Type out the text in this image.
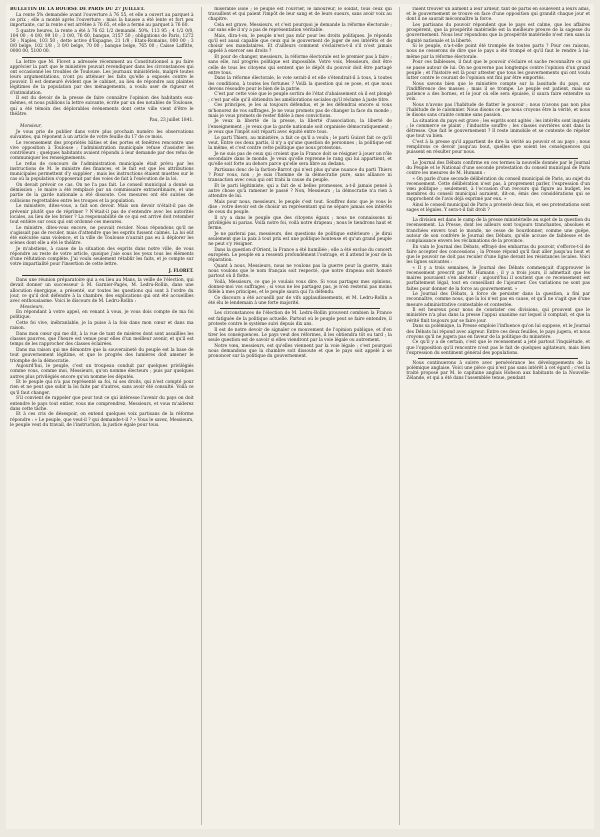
BULLETIN DE LA BOURSE DE PARIS DU 27 JUILLET.

La rente 5% demandée avant l'ouverture à 76 55, et elle a ouvert au parquet à ce prix ; elle a monté après l'ouverture : mais la hausse a été lente et fort peu importante, car la rente s'est arrêtée à 76 65, et elle a fermé au parquet à 76 60.

5 quatre heures, la rente a été à 76 62 1/2 demandé. 50%, 113 95 ; 4 1/2 0/0, 104 00 ; 4 0/0, 99 10 ; 3 0/0, 76 60, banque, 3157 50 ; obligations de Paris, 1272 50 ; Naples, 103 50 ; dette active d'Espagne, 21 1/8 ; Etats-Romains, 000 00 ; 3 0/0 belge, 102 1/8 ; 3 0/0 belge, 70 00 ; banque belge, 765 00 ; Caisse Laffitte, 0000 00, 5100 00.

La lettre que M. Flovet a adressée récemment au Constitutionnel a pu faire apprécier la part que le ministère pouvait revendiquer dans les circonstances qui ont occasionné les troubles de Toulouse. Les journaux ministériels, malgré toutes leurs argumentations, n'ont pu atténuer les faits qu'elle a exposés contre le pouvoir. Il est demeuré évident que le cabinet, au lieu de répondre aux plaintes légitimes de la population par des ménagements, a voulu user de rigueur et d'intimidation.

Il est du devoir de la presse de faire connaître l'opinion des habitants eux-mêmes, et nous publions la lettre suivante, écrite par un des notables de Toulouse, qui a été témoin des déplorables événements dont cette ville vient d'être le théâtre.

Pau, 23 juillet 1841.

Monsieur,

Je vous prie de publier dans votre plus prochain numéro les observations suivantes, qui réponent à un article de votre feuille du 17 de ce mois.

Le recensement des propriétés bâties et des portes et fenêtres rencontre une vive opposition à Toulouse ; l'administration municipale refuse d'assister les contrôleurs ; quelques habitants avaient répondu à leur demande par des refus de communiquer les renseignements.

Le refus de concours de l'administration municipale était prévu par les instructions de M. le ministre des finances, et le fait est que les attributions municipales permettent d'y suppléer ; mais les instructions étaient muettes sur le cas où la population s'opposerait par des voies de fait à l'exécution de la loi.

On devait prévoir ce cas. On ne l'a pas fait. Le conseil municipal a donné sa démission ; le maire a été remplacé par un commissaire extraordinaire, et une partie de la garde nationale a été dissoute. Ces mesures ont été suivies de collisions regrettables entre les troupes et la population.

Le ministère, dites-vous, a fait son devoir. Mais son devoir n'était-il pas de prévenir plutôt que de réprimer ? N'était-il pas de s'entendre avec les autorités locales, au lieu de les briser ? La responsabilité de ce qui est arrivé doit retomber tout entière sur ceux qui ont ordonné ces mesures.

Le ministre, dites-vous encore, ne pouvait reculer. Nous répondons qu'il ne s'agissait pas de reculer, mais d'attendre que les esprits fussent calmés. La loi eût été exécutée sans violence, et la ville de Toulouse n'aurait pas eu à déplorer les scènes dont elle a été le théâtre.

Je m'abstiens, à cause de la situation des esprits dans notre ville, de vous répondre au reste de votre article, quoique j'aie sous les yeux tous les éléments d'une réfutation complète. J'ai voulu seulement rétablir les faits, et je compte sur votre impartialité pour l'insertion de cette lettre.

J. FLORET.

Dans une réunion préparatoire qui a eu lieu au Mans, la veille de l'élection, qui devait donner un successeur à M. Garnier-Pagès, M. Ledru-Rollin, dans une allocution énergique, a présenté, sur toutes les questions qui sont à l'ordre du jour, ce qu'il doit défendre à la chambre, des explications qui ont été accueillies avec enthousiasme. Voici le discours de M. Ledru-Rollin :

Messieurs,

En répondant à votre appel, en venant à vous, je vous dois compte de ma foi politique.

Cette foi vive, inébranlable, je la puise à la fois dans mon cœur et dans ma raison.

Dans mon cœur qui me dit, à la vue de tant de misères dont sont assaillies les classes pauvres, que l'heure est venue pour elles d'un meilleur avenir, et qu'il est temps de les rapprocher des classes éclairées.

Dans ma raison qui me démontre que la souveraineté du peuple est la base de tout gouvernement légitime, et que le progrès des lumières doit amener le triomphe de la démocratie.

Aujourd'hui, le peuple, c'est un troupeau conduit par quelques privilégiés comme vous, comme moi, Messieurs, qu'on nomme électeurs ; puis par quelques autres plus privilégiés encore qu'on nomme les députés.

Et le peuple qui n'a pas représenté sa foi, ni ses droits, qui n'est compté pour rien et ne peut que subir la loi faite par d'autres, sans avoir été consulté. Voilà ce qu'il faut changer.

S'il convient de rappeler que pour tout ce qui intéresse l'avenir du pays on doit entendre le pays tout entier, vous me comprendrez, Messieurs, et vous m'aiderez dans cette tâche.

Et à ces cris de désespoir, on entend quelques voix partisans de la réforme répondre : « Le peuple, que veut-il ? qui demande-t-il ? » Vous le savez, Messieurs, le peuple veut du travail, de l'instruction, la justice égale pour tous.

misérable isolé ; le peuple est l'ouvrier, le laboureur, le soldat, tous ceux qui travaillent et qui paient l'impôt de leur sang et de leurs sueurs, sans avoir voix au chapitre.

Cela est grave, Messieurs, et c'est pourquoi je demande la réforme électorale ; car sans elle il n'y a pas de représentation véritable.

Mais, dira-t-on, le peuple n'est pas mûr pour les droits politiques. Je réponds qu'il est aussi capable que ceux qui le gouvernent de juger de ses intérêts et de choisir ses mandataires. Et d'ailleurs comment s'éclairera-t-il s'il n'est jamais appelé à exercer ses droits ?

Et pour de changer, messieurs, la réforme électorale est le premier pas à faire ; sans elle, nul progrès politique est impossible. Votre voix, Messieurs, doit être celle de tous les citoyens qui sentent que le dépôt du pouvoir doit être partagé entre tous.

Dans la réforme électorale, le vote serait-il et elle s'étendrait-il à tous, à toutes les conditions, à toutes les fortunes ? Voilà la question qui se pose, et que nous devons résoudre pour le bien de la patrie.

C'est par cette voie que le peuple sortira de l'état d'abaissement où il est plongé ; c'est par elle qu'il obtiendra les améliorations sociales qu'il réclame à juste titre.

Ces principes, je les ai toujours défendus, et je les défendrai encore si vous m'honorez de vos suffrages. Je ne vous promets pas de changer la face du monde ; mais je vous promets de rester fidèle à mes convictions.

Je veux la liberté de la presse, la liberté d'association, la liberté de l'enseignement ; je veux que la garde nationale soit organisée démocratiquement ; je veux que l'impôt soit réparti avec équité entre tous.

Le parti Thiers, au ministère, a fait ce qu'il a voulu ; le parti Guizot fait ce qu'il veut. Entre ces deux partis, il n'y a qu'une question de personnes ; la politique est la même, et c'est contre cette politique que nous protestons.

Je ne suis pas de ceux qui croient que la France doit se résigner à jouer un rôle secondaire dans le monde. Je veux qu'elle reprenne le rang qui lui appartient, et qu'elle soit forte au dehors parce qu'elle sera libre au dedans.

Partisans donc de la faction-Barrot qui n'est plus qu'une nuance du parti Thiers ? Pour vous, non ; je suis l'homme de la démocratie pure, sans alliance ni transaction avec ceux qui ont trahi la cause du peuple.

Et le parti légitimiste, qui a fait de si belles promesses, a-t-il jamais pensé à autre chose qu'à ramener le passé ? Non, Messieurs ; la démocratie n'a rien à attendre de lui.

Mais pour nous, messieurs, le peuple c'est tout. Souffrez donc que je vous le dise : votre devoir est de choisir un représentant qui ne sépare jamais ses intérêts de ceux du peuple.

Il n'y a dans le peuple que des citoyens égaux ; nous ne connaissons ni privilégiés ni parias. Voilà notre foi, voilà notre drapeau ; nous le tiendrons haut et ferme.

Je ne parlerai pas, messieurs, des questions de politique extérieure ; je dirai seulement que la paix à tout prix est une politique honteuse et qu'un grand peuple ne peut s'y résigner.

Dans la question d'Orient, la France a été humiliée ; elle a été exclue du concert européen. Le peuple en a ressenti profondément l'outrage, et il attend le jour de la réparation.

Quant à nous, Messieurs, nous ne voulons pas la guerre pour la guerre, mais nous voulons que le nom français soit respecté, que notre drapeau soit honoré partout où il flotte.

Voilà, Messieurs, ce que je voulais vous dire. Si vous partagez mes opinions, donnez-moi vos suffrages ; si vous ne les partagez pas, je n'en resterai pas moins fidèle à mes principes, et le peuple saura qui l'a défendu.

Ce discours a été accueilli par de vifs applaudissements, et M. Ledru-Rollin a été élu le lendemain à une forte majorité.

Les circonstances de l'élection de M. Ledru-Rollin prouvent combien la France est fatiguée de la politique actuelle. Partout où le peuple peut se faire entendre, il proteste contre le système suivi depuis dix ans.

Il est de notre devoir de signaler ce mouvement de l'opinion publique, et d'en tirer les conséquences. Le pays veut des réformes, il les obtiendra tôt ou tard ; la seule question est de savoir si elles viendront par la voie légale ou autrement.

Notre vœu, messieurs, est qu'elles viennent par la voie légale ; c'est pourquoi nous demandons que la chambre soit dissoute et que le pays soit appelé à se prononcer sur la politique du gouvernement.

raient trouver un aliment à leur ardeur, tant de partis en soulèvent à leurs amis, et le gouvernement se trouve en face d'une opposition qui grandit chaque jour et dont il ne saurait méconnaître la force.

Les partisans du pouvoir répondent que le pays est calme, que les affaires prospèrent, que la prospérité matérielle est la meilleure preuve de la sagesse du gouvernement. Nous leur répondons que la prospérité matérielle n'est rien sans la dignité nationale et la liberté.

Si le peuple, n'a-t-elle point été trompée de toutes parts ? Pour ces raisons, nous ne cesserons de dire que le pays a été trompé et qu'il faut le rendre à lui-même par la réforme électorale.

Pour ces faiblesses, il faut que le pouvoir s'éclaire et sache reconnaître ce qui se passe autour de lui. On ne gouverne pas longtemps contre l'opinion d'un grand peuple ; et l'histoire est là pour attester que tous les gouvernements qui ont voulu lutter contre le courant de l'opinion ont fini par être emportés.

Nous savons bien que le ministère compte sur la lassitude du pays, sur l'indifférence des masses ; mais il se trompe. Le peuple est patient, mais sa patience a des bornes, et le jour où elle sera épuisée, il saura faire entendre sa voix.

Nous n'avons pas l'habitude de flatter le pouvoir ; nous n'avons pas non plus l'habitude de le calomnier. Nous disons ce que nous croyons être la vérité, et nous le disons sans crainte comme sans passion.

La situation du pays est grave ; les esprits sont agités ; les intérêts sont inquiets ; le commerce se plaint ; l'industrie souffre ; les classes ouvrières sont dans la détresse. Que fait le gouvernement ? Il reste immobile et se contente de répéter que tout va bien.

C'est à la presse qu'il appartient de dire la vérité au pouvoir et au pays ; nous remplirons ce devoir jusqu'au bout, quelles que soient les conséquences qui puissent en résulter pour nous.

Le Journal des Débats confirme en ces termes la nouvelle donnée par le Journal du Peuple et le National d'une seconde protestation du conseil municipal de Paris contre les mesures de M. Humann :

« On parle d'une seconde délibération du conseil municipal de Paris, au sujet du recensement. Cette délibération n'est pas, à proprement parler, l'expression d'un vœu politique ; seulement, à l'occasion d'un recours qui figure au budget, les membres du conseil municipal auraient, dit-on, émis des considérations qui se rapprochent de l'avis déjà exprimé par eux. »

Ainsi le conseil municipal de Paris a protesté deux fois, et ses protestations sont sages et légales. Y sera-t-il fait droit ?

La division est dans le camp de la presse ministérielle au sujet de la question du recensement. La Presse, dont les ailleurs sont toujours tranchantes, absolues et tranchées envers tout le monde, ne cesse de bourdonner, comme une guêpe, autour de son confrère le Journal des Débats, qu'elle accuse de faiblesse et de complaisance envers les réclamations de la province.

En vain le Journal des Débats, effrayé des embarras du pouvoir, s'efforce-t-il de faire accepter des concessions ; la Presse répond qu'il faut aller jusqu'au bout et que le pouvoir ne doit pas reculer d'une ligne devant les résistances locales. Voici les lignes suivantes :

« Il y a trois semaines, le Journal des Débats commençait d'approuver le recensement prescrit par M. Humann ; il y a trois jours, il admettait que les maires pouvaient s'en abstenir ; aujourd'hui il soutient que ce recensement est parfaitement légal, tout en conseillant de l'ajourner. Ces variations ne sont pas faites pour donner de la force au gouvernement. »

Le Journal des Débats, à force de persister dans la question, a fini par reconnaître, comme nous, que la loi n'est pas en cause, et qu'il ne s'agit que d'une mesure administrative contestable et contestée.

Il est heureux pour nous de constater ces divisions, qui prouvent que le ministère n'a plus dans la presse l'appui unanime sur lequel il comptait, et que la vérité finit toujours par se faire jour.

Dans sa polémique, la Presse emploie l'influence qu'on lui suppose, et le Journal des Débats lui répond avec aigreur. Entre ces deux feuilles, le pays jugera, et nous croyons qu'il ne jugera pas en faveur de la politique du ministère.

Ce qu'il y a de certain, c'est que le recensement a jeté partout l'inquiétude, et que l'opposition qu'il rencontre n'est pas le fait de quelques agitateurs, mais bien l'expression du sentiment général des populations.

Nous continuerons à suivre avec persévérance les développements de la polémique anglaise. Voici une pièce qui n'est pas sans intérêt à cet égard ; c'est la traité proposé par M. le capitaine anglais Hobson aux habitants de la Nouvelle-Zélande, et qui a été dans l'assemblée tenue, pendant
